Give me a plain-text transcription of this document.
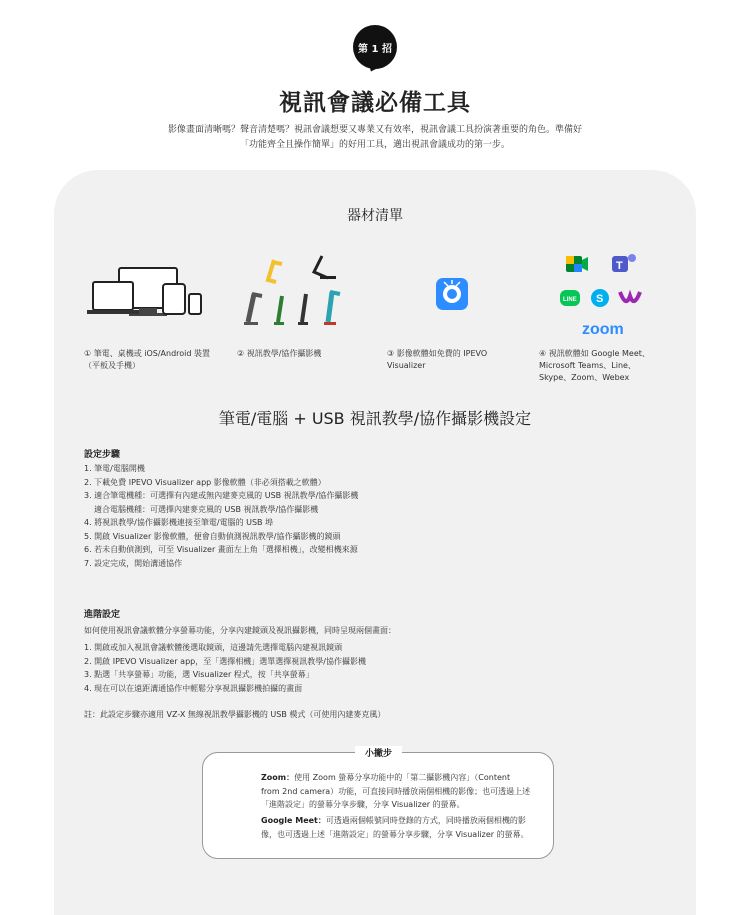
第 1 招
視訊會議必備工具
影像畫面清晰嗎？聲音清楚嗎？視訊會議想要又專業又有效率，視訊會議工具扮演著重要的角色。準備好「功能齊全且操作簡單」的好用工具，邁出視訊會議成功的第一步。
器材清單
T
LINE S
zoom
① 筆電、桌機或 iOS/Android 裝置（平板及手機）
② 視訊教學/協作攝影機	③ 影像軟體如免費的 IPEVO Visualizer
④ 視訊軟體如 Google Meet、Microsoft Teams、Line、Skype、Zoom、Webex
筆電/電腦 + USB 視訊教學/協作攝影機設定
設定步驟
1. 筆電/電腦開機
2. 下載免費 IPEVO Visualizer app 影像軟體（非必須搭載之軟體）
3. 適合筆電機種：可選擇有內建或無內建麥克風的 USB 視訊教學/協作攝影機
適合電腦機種：可選擇內建麥克風的 USB 視訊教學/協作攝影機
4. 將視訊教學/協作攝影機連接至筆電/電腦的 USB 埠
5. 開啟 Visualizer 影像軟體，便會自動偵測視訊教學/協作攝影機的鏡頭
6. 若未自動偵測到，可至 Visualizer 畫面左上角「選擇相機」，改變相機來源
7. 設定完成，開始溝通協作
進階設定
如何使用視訊會議軟體分享螢幕功能，分享內建鏡頭及視訊攝影機，同時呈現兩個畫面：
1. 開啟或加入視訊會議軟體後選取鏡頭，這邊請先選擇電腦內建視訊鏡頭
2. 開啟 IPEVO Visualizer app，至「選擇相機」選單選擇視訊教學/協作攝影機
3. 點選「共享螢幕」功能，選 Visualizer 程式，按「共享螢幕」
4. 現在可以在遠距溝通協作中輕鬆分享視訊攝影機拍攝的畫面
註：此設定步驟亦適用 VZ-X 無線視訊教學攝影機的 USB 模式（可使用內建麥克風）
小撇步
Zoom：使用 Zoom 螢幕分享功能中的「第二攝影機內容」（Content from 2nd camera）功能，可直接同時播放兩個相機的影像；也可透過上述「進階設定」的螢幕分享步驟，分享 Visualizer 的螢幕。
Google Meet：可透過兩個帳號同時登錄的方式，同時播放兩個相機的影像，也可透過上述「進階設定」的螢幕分享步驟，分享 Visualizer 的螢幕。
